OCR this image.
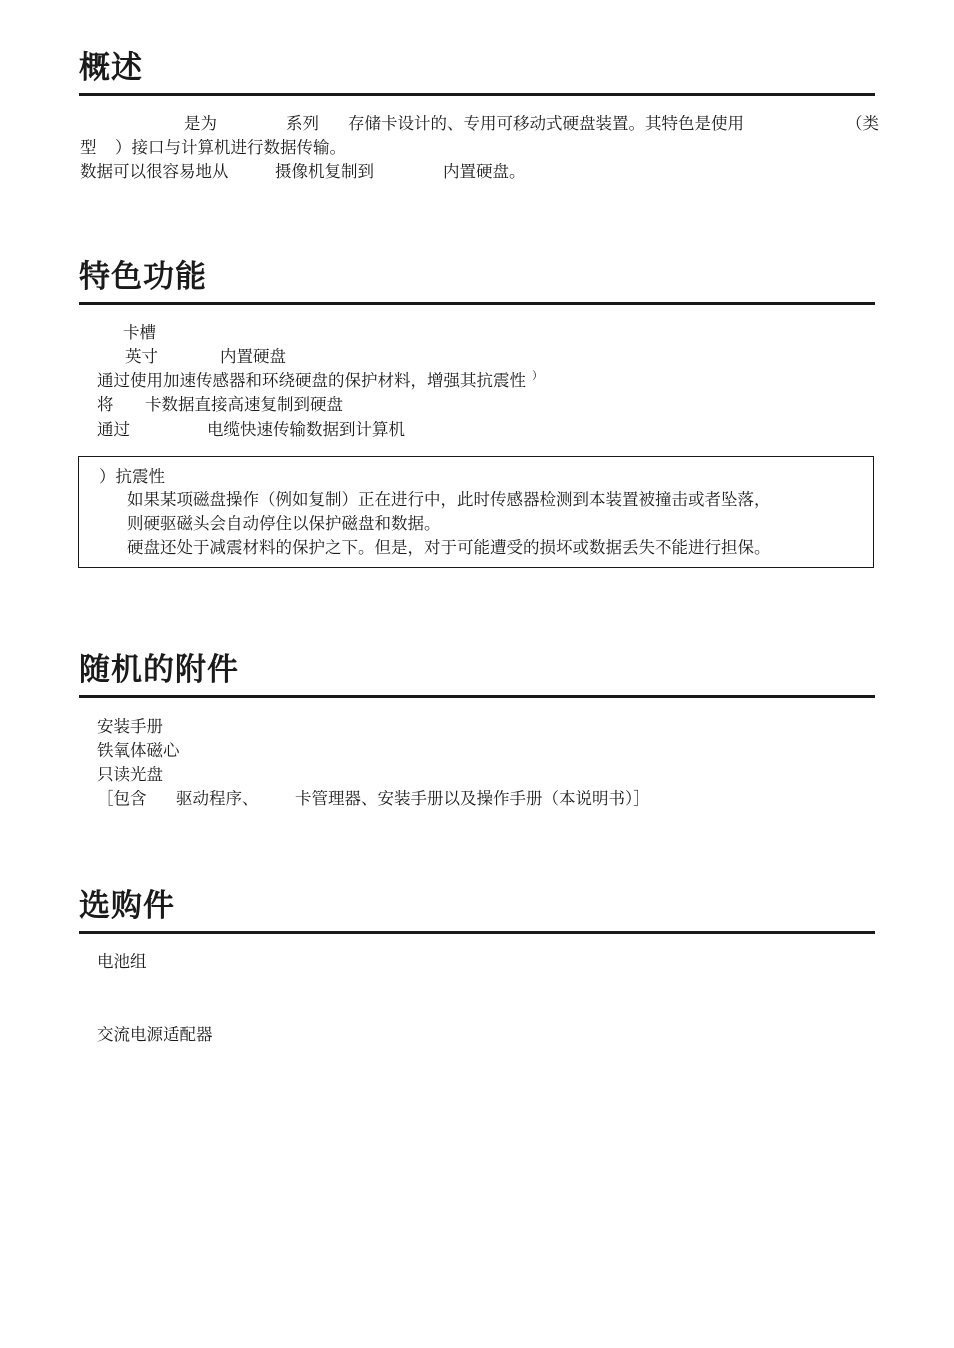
概述
是为	系列 存储卡设计的、专用可移动式硬盘装置。其特色是使用	（类
型 ）接口与计算机进行数据传输。
数据可以很容易地从	摄像机复制到	内置硬盘。
特色功能
卡槽
英寸	内置硬盘
通过使用加速传感器和环绕硬盘的保护材料，增强其抗震性 ）
将 卡数据直接高速复制到硬盘
通过	电缆快速传输数据到计算机
）抗震性
如果某项磁盘操作（例如复制）正在进行中，此时传感器检测到本装置被撞击或者坠落，
则硬驱磁头会自动停住以保护磁盘和数据。
硬盘还处于减震材料的保护之下。但是，对于可能遭受的损坏或数据丢失不能进行担保。
随机的附件
安装手册
铁氧体磁心
只读光盘
［包含 驱动程序、 卡管理器、安装手册以及操作手册（本说明书）］
选购件
电池组
交流电源适配器
